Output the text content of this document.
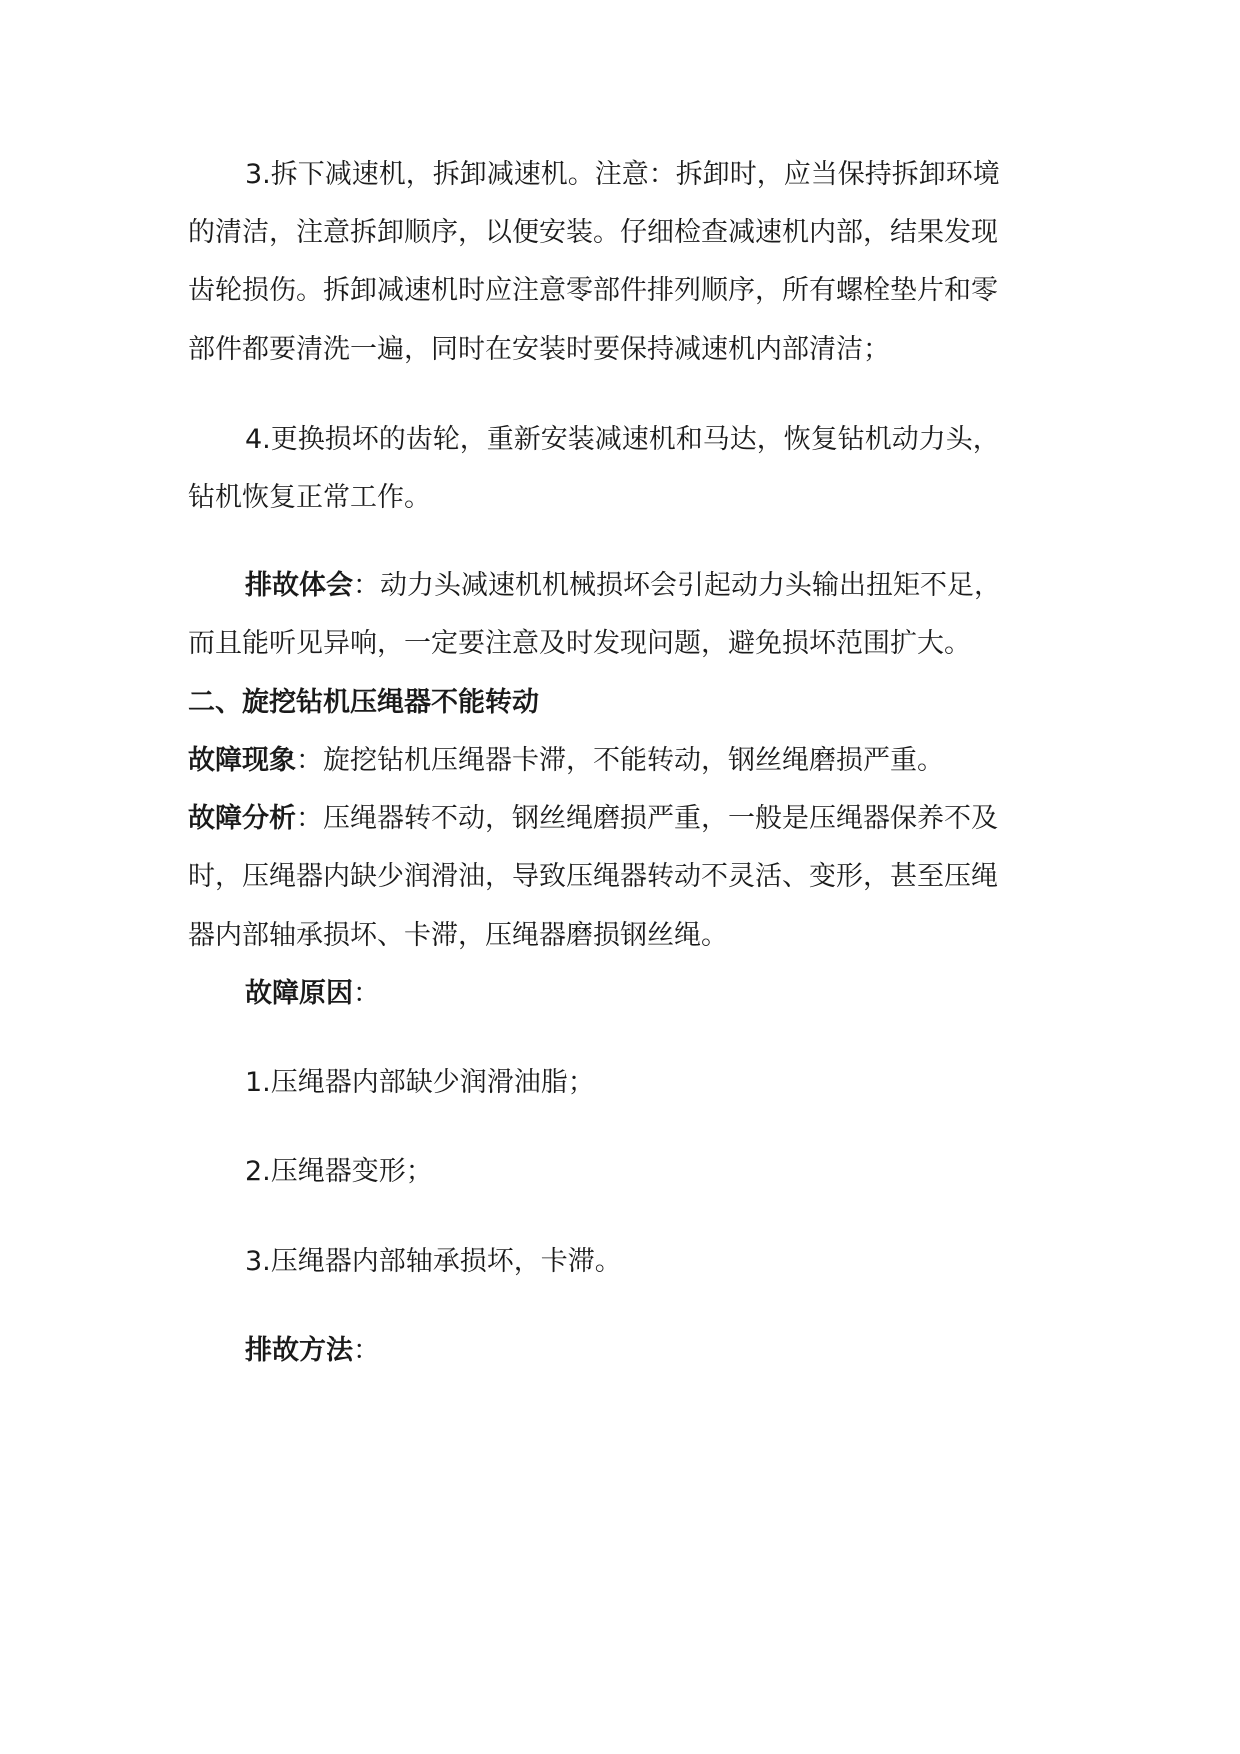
3.拆下减速机，拆卸减速机。注意：拆卸时，应当保持拆卸环境
的清洁，注意拆卸顺序，以便安装。仔细检查减速机内部，结果发现
齿轮损伤。拆卸减速机时应注意零部件排列顺序，所有螺栓垫片和零
部件都要清洗一遍，同时在安装时要保持减速机内部清洁；
4.更换损坏的齿轮，重新安装减速机和马达，恢复钻机动力头，
钻机恢复正常工作。
排故体会：动力头减速机机械损坏会引起动力头输出扭矩不足，
而且能听见异响，一定要注意及时发现问题，避免损坏范围扩大。
二、旋挖钻机压绳器不能转动
故障现象：旋挖钻机压绳器卡滞，不能转动，钢丝绳磨损严重。
故障分析：压绳器转不动，钢丝绳磨损严重，一般是压绳器保养不及
时，压绳器内缺少润滑油，导致压绳器转动不灵活、变形，甚至压绳
器内部轴承损坏、卡滞，压绳器磨损钢丝绳。
故障原因：
1.压绳器内部缺少润滑油脂；
2.压绳器变形；
3.压绳器内部轴承损坏，卡滞。
排故方法：
